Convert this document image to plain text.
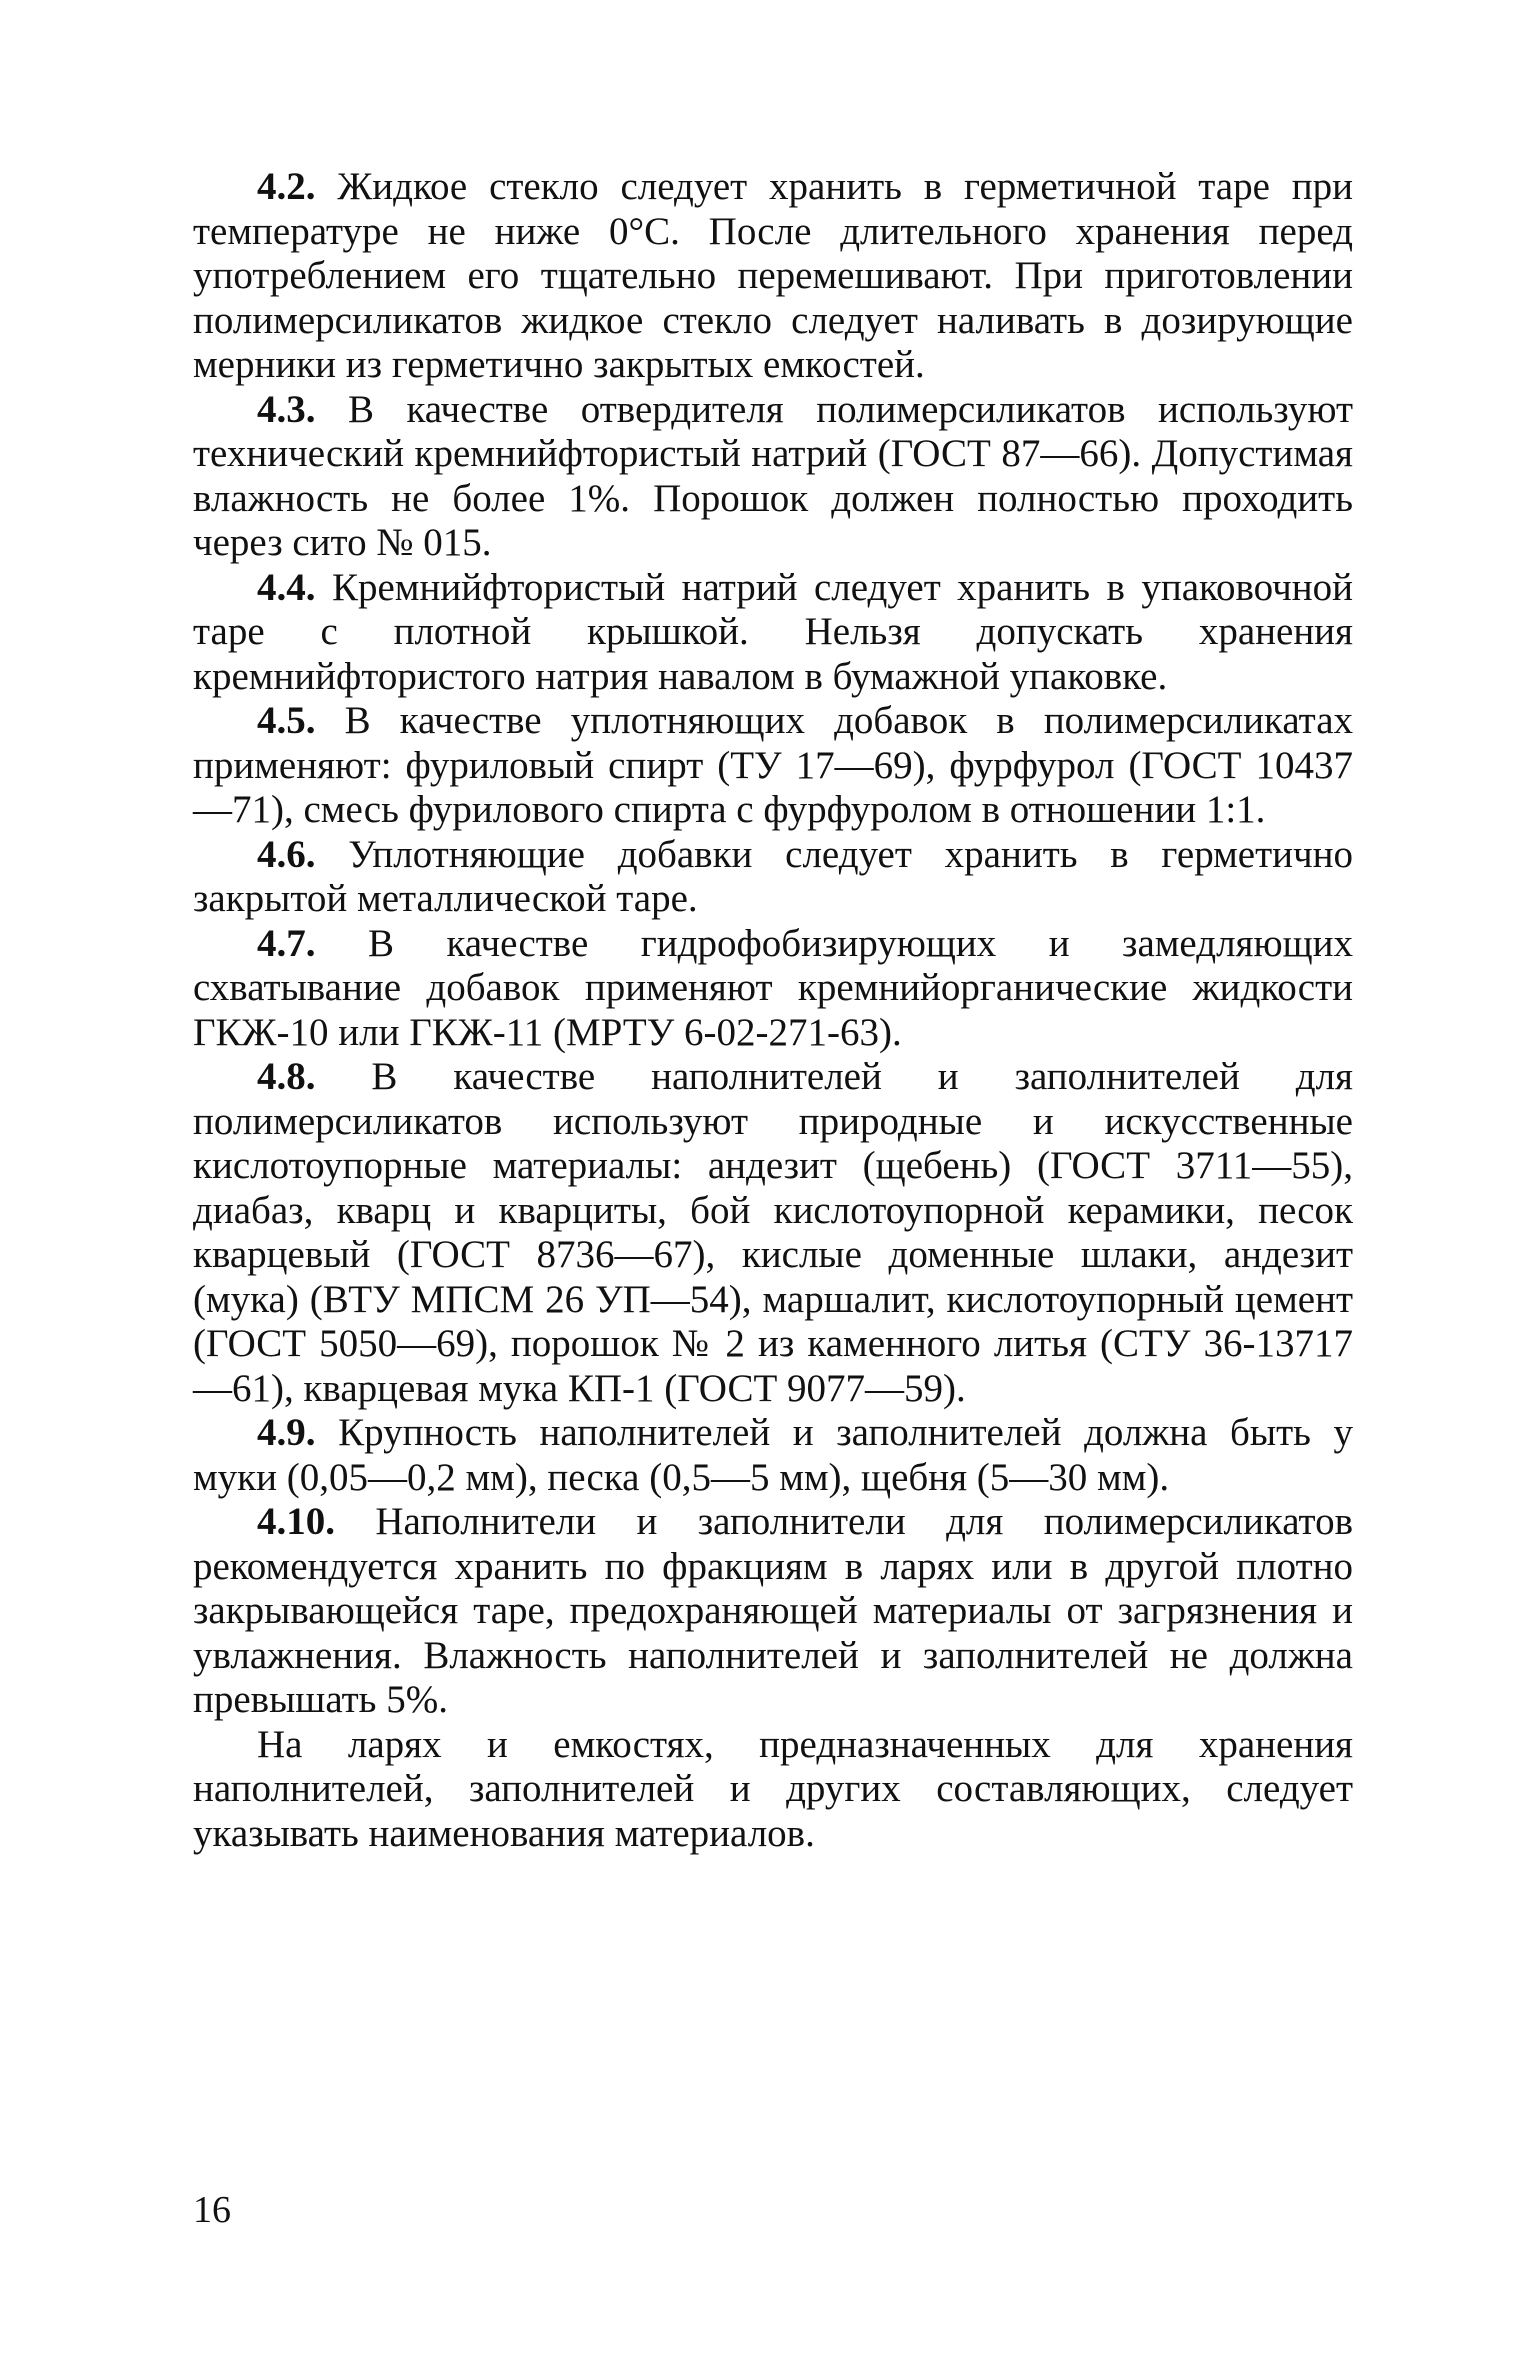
4.2. Жидкое стекло следует хранить в герметичной таре при температуре не ниже 0°С. После длительного хранения перед употреблением его тщательно перемешивают. При приготовлении полимерсиликатов жидкое стекло следует наливать в дозирующие мерники из герметично закрытых емкостей.

4.3. В качестве отвердителя полимерсиликатов используют технический кремнийфтористый натрий (ГОСТ 87—66). Допустимая влажность не более 1%. Порошок должен полностью проходить через сито № 015.

4.4. Кремнийфтористый натрий следует хранить в упаковочной таре с плотной крышкой. Нельзя допускать хранения кремнийфтористого натрия навалом в бумажной упаковке.

4.5. В качестве уплотняющих добавок в полимерсиликатах применяют: фуриловый спирт (ТУ 17—69), фурфурол (ГОСТ 10437—71), смесь фурилового спирта с фурфуролом в отношении 1:1.

4.6. Уплотняющие добавки следует хранить в герметично закрытой металлической таре.

4.7. В качестве гидрофобизирующих и замедляющих схватывание добавок применяют кремнийорганические жидкости ГКЖ-10 или ГКЖ-11 (МРТУ 6-02-271-63).

4.8. В качестве наполнителей и заполнителей для полимерсиликатов используют природные и искусственные кислотоупорные материалы: андезит (щебень) (ГОСТ 3711—55), диабаз, кварц и кварциты, бой кислотоупорной керамики, песок кварцевый (ГОСТ 8736—67), кислые доменные шлаки, андезит (мука) (ВТУ МПСМ 26 УП—54), маршалит, кислотоупорный цемент (ГОСТ 5050—69), порошок № 2 из каменного литья (СТУ 36-13717—61), кварцевая мука КП-1 (ГОСТ 9077—59).

4.9. Крупность наполнителей и заполнителей должна быть у муки (0,05—0,2 мм), песка (0,5—5 мм), щебня (5—30 мм).

4.10. Наполнители и заполнители для полимерсиликатов рекомендуется хранить по фракциям в ларях или в другой плотно закрывающейся таре, предохраняющей материалы от загрязнения и увлажнения. Влажность наполнителей и заполнителей не должна превышать 5%.

На ларях и емкостях, предназначенных для хранения наполнителей, заполнителей и других составляющих, следует указывать наименования материалов.

16
